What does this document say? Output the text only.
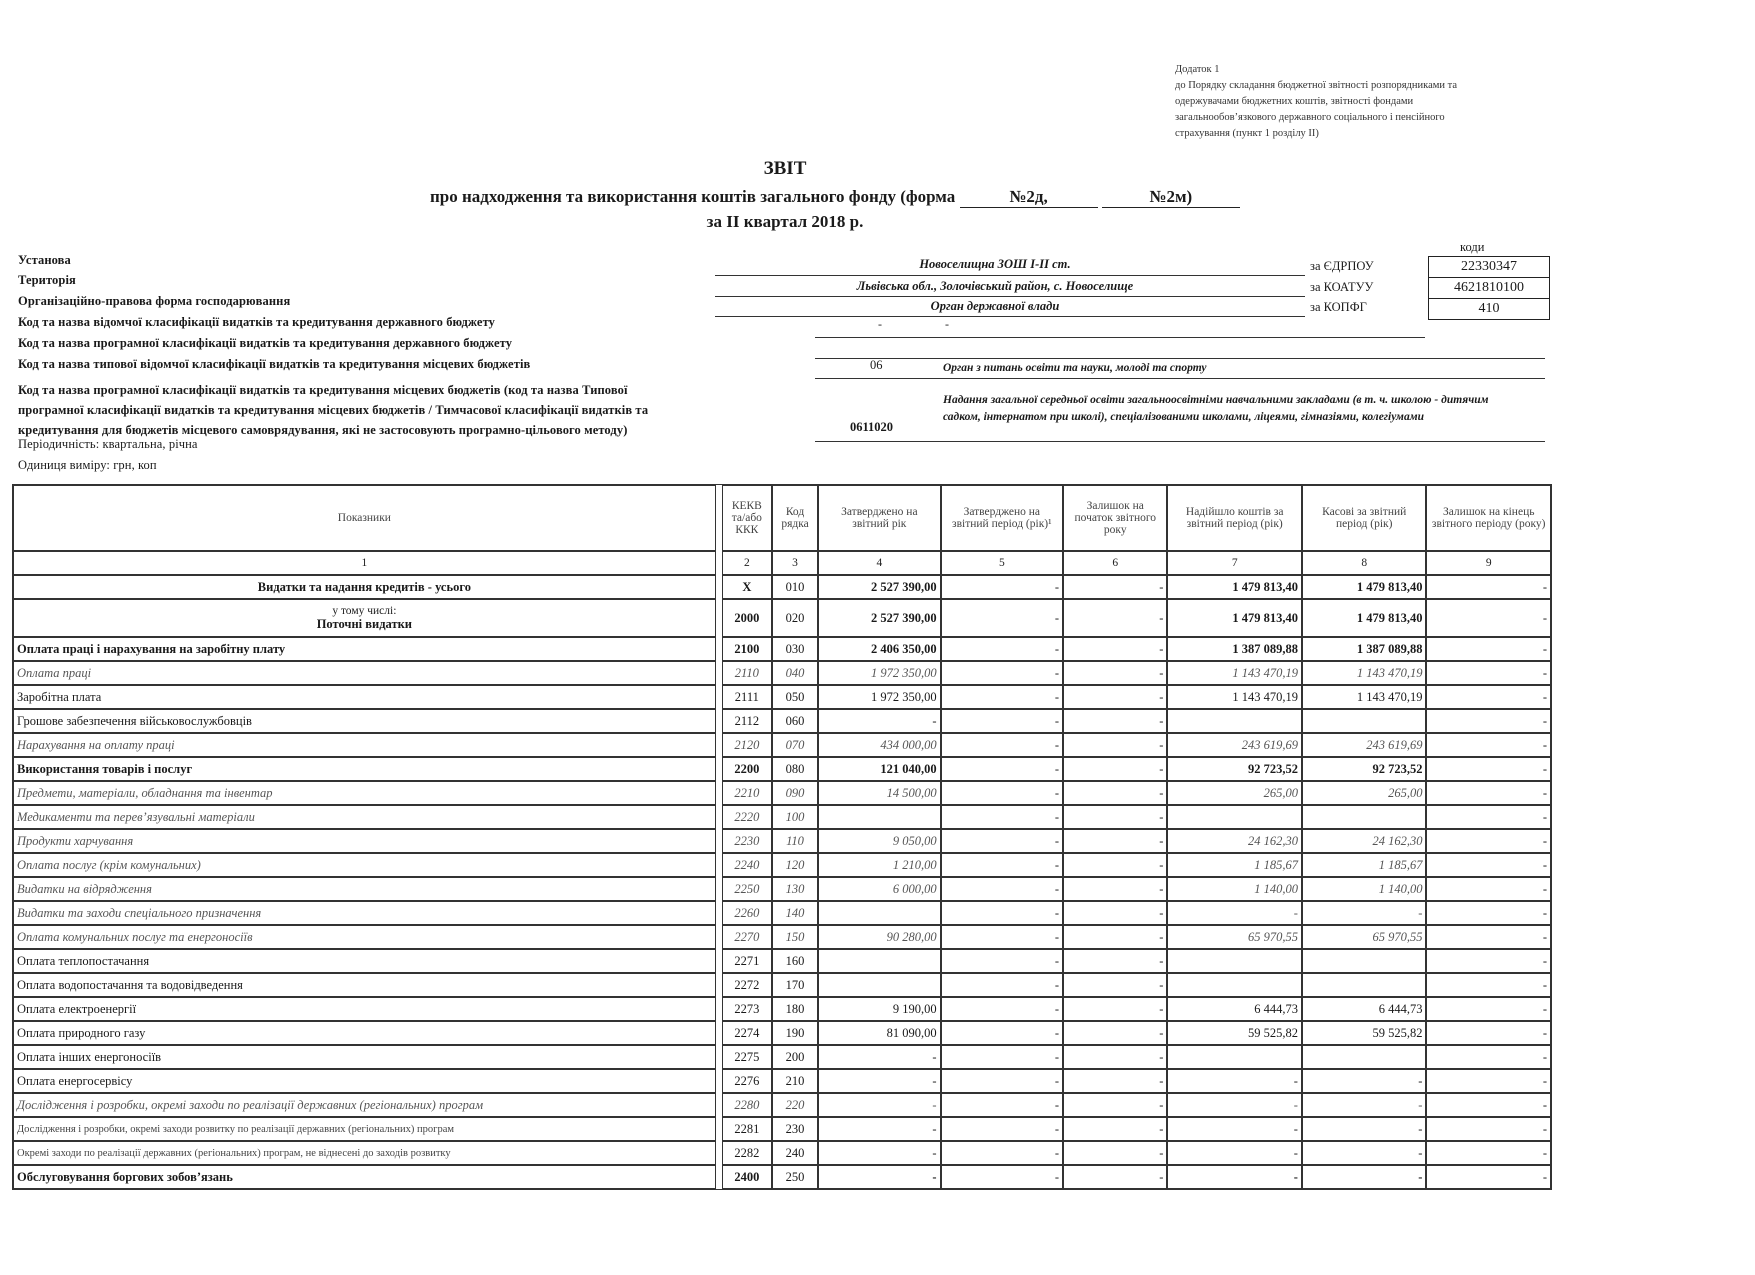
Додаток 1
до Порядку складання бюджетної звітності розпорядниками та
одержувачами бюджетних коштів, звітності фондами
загальнообов’язкового державного соціального і пенсійного
страхування (пункт 1 розділу II)
ЗВІТ
про надходження та використання коштів загального фонду (форма	№2д,	№2м)
за ІІ квартал 2018 р.
коди
Установа	Новоселищна ЗОШ І-ІІ ст.	за ЄДРПОУ	22330347
Територія	Львівська обл., Золочівський район, с. Новоселище	за КОАТУУ	4621810100
Організаційно-правова форма господарювання	Орган державної влади	за КОПФГ	410
Код та назва відомчої класифікації видатків та кредитування державного бюджету	-	-
Код та назва програмної класифікації видатків та кредитування державного бюджету
Код та назва типової відомчої класифікації видатків та кредитування місцевих бюджетів	06	Орган з питань освіти та науки, молоді та спорту
Код та назва програмної класифікації видатків та кредитування місцевих бюджетів (код та назва Типової
програмної класифікації видатків та кредитування місцевих бюджетів / Тимчасової класифікації видатків та
кредитування для бюджетів місцевого самоврядування, які не застосовують програмно-цільового методу)	0611020
Надання загальної середньої освіти загальноосвітніми навчальними закладами (в т. ч. школою - дитячим садком, інтернатом при школі), спеціалізованими школами, ліцеями, гімназіями, колегіумами
Періодичність: квартальна, річна
Одиниця виміру: грн, коп
Показники		КЕКВ та/або ККК	Код рядка	Затверджено на звітний рік	Затверджено на звітний період (рік)¹	Залишок на початок звітного року	Надійшло коштів за звітний період (рік)	Касові за звітний період (рік)	Залишок на кінець звітного періоду (року)
1		2	3	4	5	6	7	8	9
Видатки та надання кредитів - усього		Х	010	2 527 390,00	-	-	1 479 813,40	1 479 813,40	-

у тому числі:
Поточні видатки		2000	020	2 527 390,00	-	-	1 479 813,40	1 479 813,40	-
Оплата праці і нарахування на заробітну плату		2100	030	2 406 350,00	-	-	1 387 089,88	1 387 089,88	-
Оплата праці		2110	040	1 972 350,00	-	-	1 143 470,19	1 143 470,19	-
Заробітна плата		2111	050	1 972 350,00	-	-	1 143 470,19	1 143 470,19	-
Грошове забезпечення військовослужбовців		2112	060	-	-	-			-
Нарахування на оплату праці		2120	070	434 000,00	-	-	243 619,69	243 619,69	-
Використання товарів і послуг		2200	080	121 040,00	-	-	92 723,52	92 723,52	-
Предмети, матеріали, обладнання та інвентар		2210	090	14 500,00	-	-	265,00	265,00	-
Медикаменти та перев’язувальні матеріали		2220	100		-	-			-
Продукти харчування		2230	110	9 050,00	-	-	24 162,30	24 162,30	-
Оплата послуг (крім комунальних)		2240	120	1 210,00	-	-	1 185,67	1 185,67	-
Видатки на відрядження		2250	130	6 000,00	-	-	1 140,00	1 140,00	-
Видатки та заходи спеціального призначення		2260	140		-	-	-	-	-
Оплата комунальних послуг та енергоносіїв		2270	150	90 280,00	-	-	65 970,55	65 970,55	-
Оплата теплопостачання		2271	160		-	-			-
Оплата водопостачання та водовідведення		2272	170		-	-			-
Оплата електроенергії		2273	180	9 190,00	-	-	6 444,73	6 444,73	-
Оплата природного газу		2274	190	81 090,00	-	-	59 525,82	59 525,82	-
Оплата інших енергоносіїв		2275	200	-	-	-			-
Оплата енергосервісу		2276	210	-	-	-	-	-	-
Дослідження і розробки, окремі заходи по реалізації державних (регіональних) програм		2280	220	-	-	-	-	-	-
Дослідження і розробки, окремі заходи розвитку по реалізації державних (регіональних) програм		2281	230	-	-	-	-	-	-
Окремі заходи по реалізації державних (регіональних) програм, не віднесені до заходів розвитку		2282	240	-	-	-	-	-	-
Обслуговування боргових зобов’язань		2400	250	-	-	-	-	-	-
